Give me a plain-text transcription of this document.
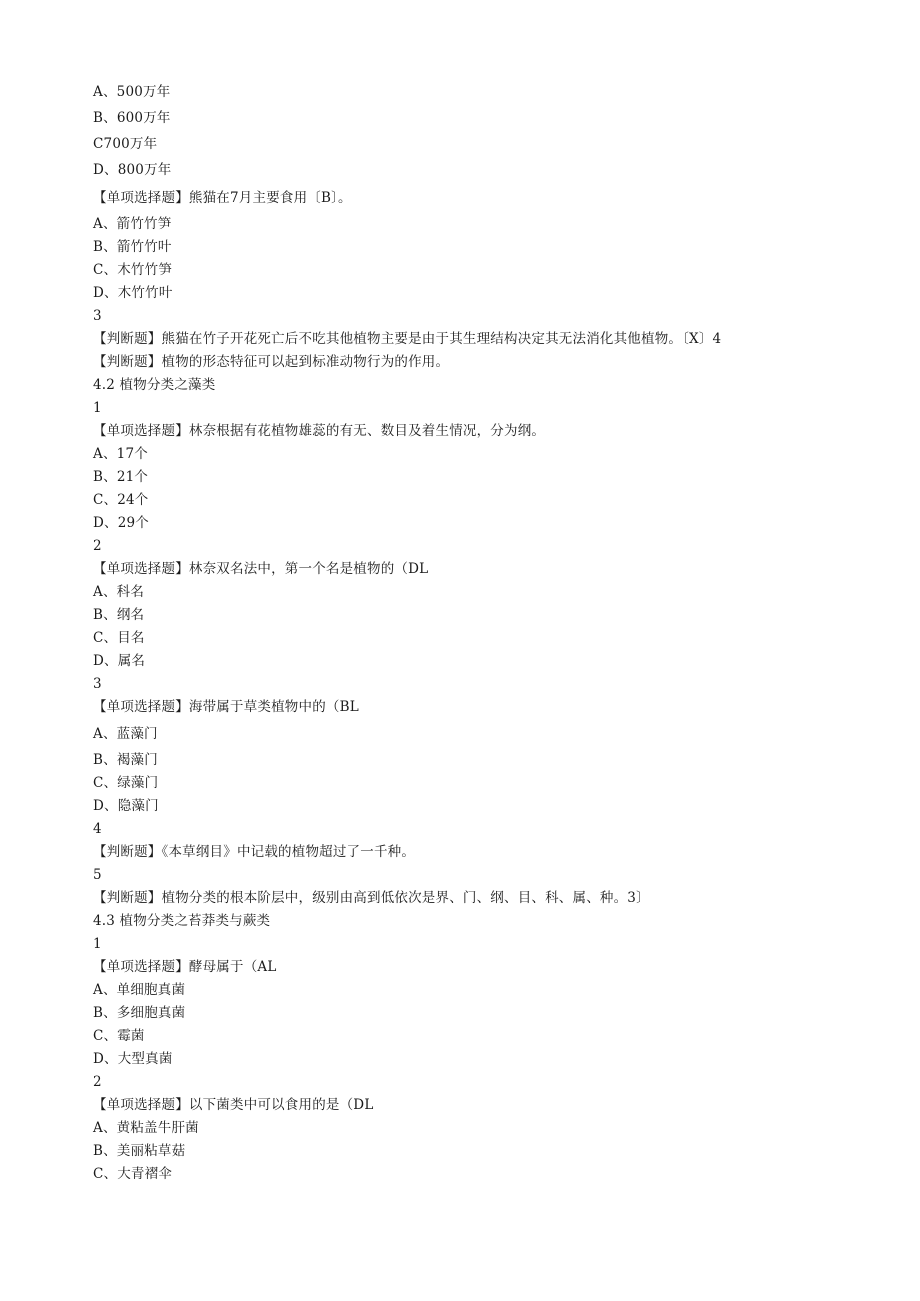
A、500万年
B、600万年
C700万年
D、800万年
【单项选择题】熊猫在7月主要食用〔B〕。
A、箭竹竹笋
B、箭竹竹叶
C、木竹竹笋
D、木竹竹叶
3
【判断题】熊猫在竹子开花死亡后不吃其他植物主要是由于其生理结构决定其无法消化其他植物。〔X〕4
【判断题】植物的形态特征可以起到标准动物行为的作用。
4.2 植物分类之藻类
1
【单项选择题】林奈根据有花植物雄蕊的有无、数目及着生情况，分为纲。
A、17个
B、21个
C、24个
D、29个
2
【单项选择题】林奈双名法中，第一个名是植物的（DL
A、科名
B、纲名
C、目名
D、属名
3
【单项选择题】海带属于草类植物中的（BL
A、蓝藻门
B、褐藻门
C、绿藻门
D、隐藻门
4
【判断题】《本草纲目》中记载的植物超过了一千种。
5
【判断题】植物分类的根本阶层中，级别由高到低依次是界、门、纲、目、科、属、种。3〕
4.3 植物分类之苔莽类与蕨类
1
【单项选择题】酵母属于（AL
A、单细胞真菌
B、多细胞真菌
C、霉菌
D、大型真菌
2
【单项选择题】以下菌类中可以食用的是（DL
A、黄粘盖牛肝菌
B、美丽粘草菇
C、大青褶伞
